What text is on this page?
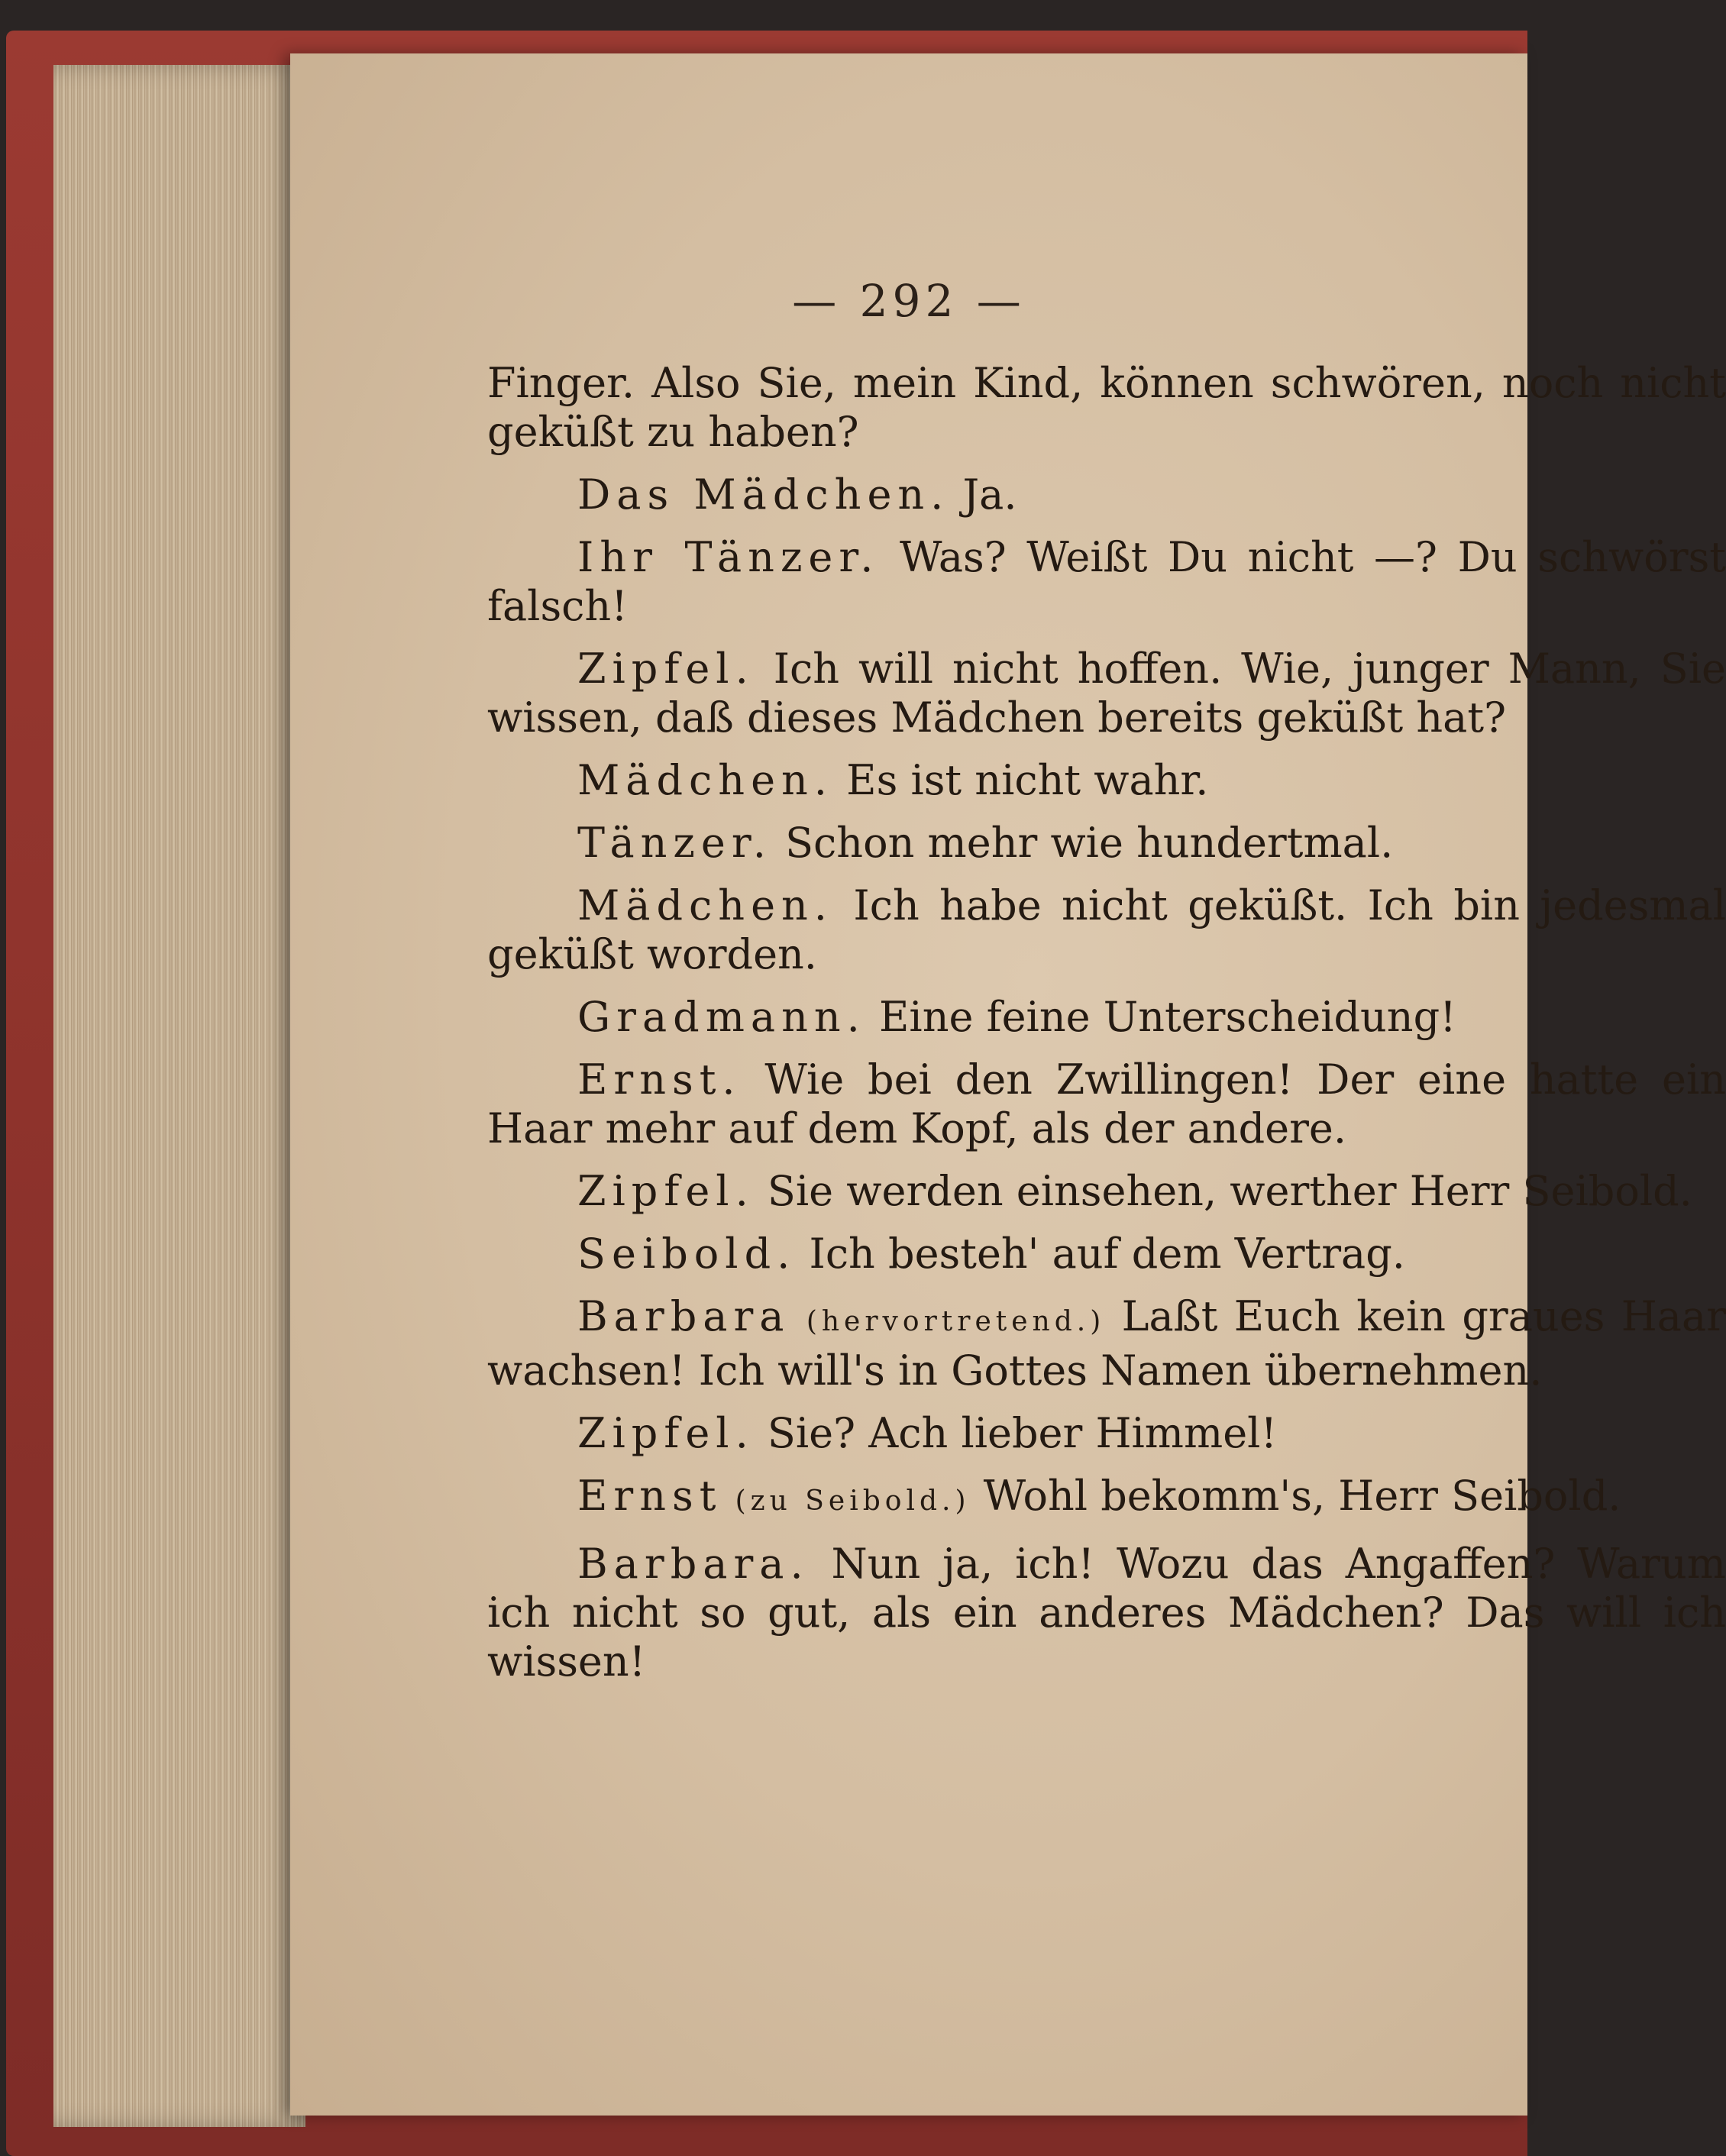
— 292 —

Finger. Also Sie, mein Kind, können schwören, noch nicht geküßt zu haben?

Das Mädchen. Ja.

Ihr Tänzer. Was? Weißt Du nicht —? Du schwörst falsch!

Zipfel. Ich will nicht hoffen. Wie, junger Mann, Sie wissen, daß dieses Mädchen bereits geküßt hat?

Mädchen. Es ist nicht wahr.

Tänzer. Schon mehr wie hundertmal.

Mädchen. Ich habe nicht geküßt. Ich bin jedesmal geküßt worden.

Gradmann. Eine feine Unterscheidung!

Ernst. Wie bei den Zwillingen! Der eine hatte ein Haar mehr auf dem Kopf, als der andere.

Zipfel. Sie werden einsehen, werther Herr Seibold.

Seibold. Ich besteh' auf dem Vertrag.

Barbara (hervortretend.) Laßt Euch kein graues Haar wachsen! Ich will's in Gottes Namen übernehmen.

Zipfel. Sie? Ach lieber Himmel!

Ernst (zu Seibold.) Wohl bekomm's, Herr Seibold.

Barbara. Nun ja, ich! Wozu das Angaffen? Warum ich nicht so gut, als ein anderes Mädchen? Das will ich wissen!
